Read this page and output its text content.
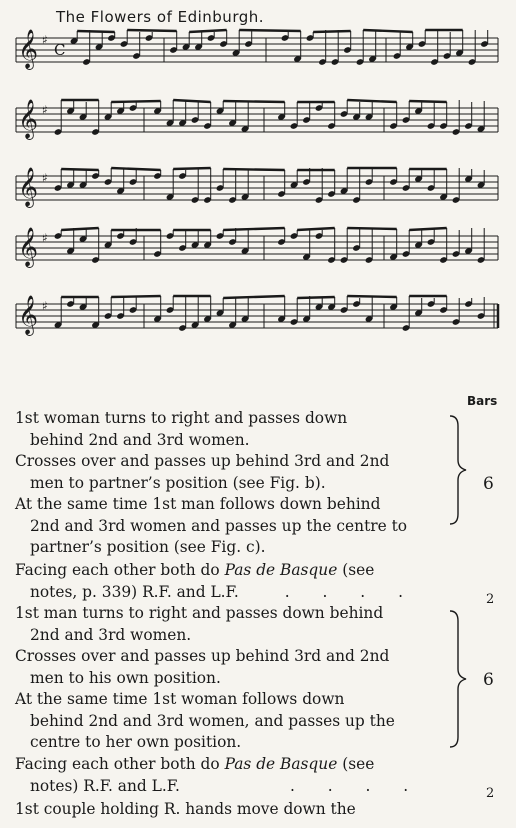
The Flowers of Edinburgh.
𝄞 ♯
C
𝄞 ♯
𝄞 ♯
𝄞 ♯
𝄞 ♯
Bars
1st woman turns to right and passes down
behind 2nd and 3rd women.
Crosses over and passes up behind 3rd and 2nd
men to partner’s position (see Fig. b).
At the same time 1st man follows down behind
2nd and 3rd women and passes up the centre to
partner’s position (see Fig. c).
6
Facing each other both do Pas de Basque (see
notes, p. 339) R.F. and L.F.	. . . .	2
1st man turns to right and passes down behind
2nd and 3rd women.
Crosses over and passes up behind 3rd and 2nd
men to his own position.
At the same time 1st woman follows down
behind 2nd and 3rd women, and passes up the
centre to her own position.
6
Facing each other both do Pas de Basque (see
notes) R.F. and L.F.	. . . .	2
1st couple holding R. hands move down the
